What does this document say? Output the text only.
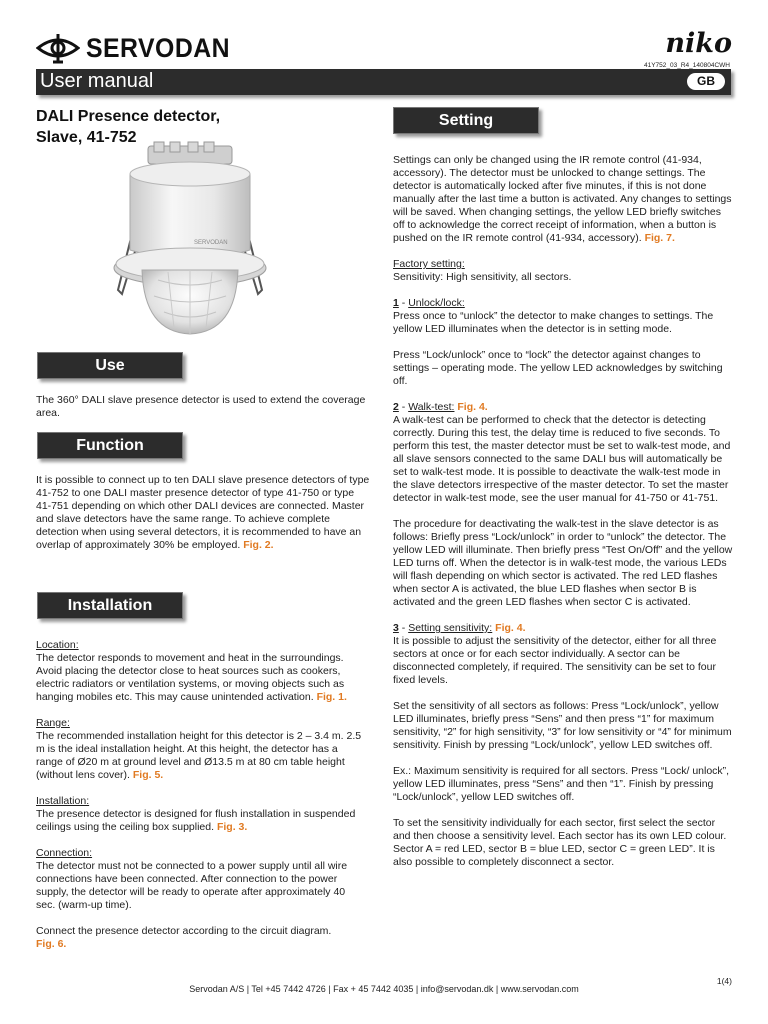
SERVODAN	niko
41Y752_03_R4_140804CWH
User manual	GB
DALI Presence detector,
Slave, 41-752
SERVODAN
Use

The 360° DALI slave presence detector is used to extend the coverage area.

Function

It is possible to connect up to ten DALI slave presence detectors of type 41-752 to one DALI master presence detector of type 41-750 or type 41-751 depending on which other DALI devices are connected. Master and slave detectors have the same range. To achieve complete detection when using several detectors, it is recommended to have an overlap of approximately 30% be employed. Fig. 2.

Installation

Location:

The detector responds to movement and heat in the surroundings. Avoid placing the detector close to heat sources such as cookers, electric radiators or ventilation systems, or moving objects such as hanging mobiles etc. This may cause unintended activation. Fig. 1.

Range:

The recommended installation height for this detector is 2 – 3.4 m. 2.5 m is the ideal installation height. At this height, the detector has a range of Ø20 m at ground level and Ø13.5 m at 80 cm table height (without lens cover). Fig. 5.

Installation:

The presence detector is designed for flush installation in suspended ceilings using the ceiling box supplied. Fig. 3.

Connection:

The detector must not be connected to a power supply until all wire connections have been connected. After connection to the power supply, the detector will be ready to operate after approximately 40 sec. (warm-up time).

Connect the presence detector according to the circuit diagram.

Fig. 6.

Setting

Settings can only be changed using the IR remote control (41-934, accessory). The detector must be unlocked to change settings. The detector is automatically locked after five minutes, if this is not done manually after the last time a button is activated. Any changes to settings will be saved. When changing settings, the yellow LED briefly switches off to acknowledge the correct receipt of information, when a button is pushed on the IR remote control (41-934, accessory). Fig. 7.

Factory setting:

Sensitivity: High sensitivity, all sectors.

1 - Unlock/lock:

Press once to “unlock” the detector to make changes to settings. The yellow LED illuminates when the detector is in setting mode.

Press “Lock/unlock” once to “lock” the detector against changes to settings – operating mode. The yellow LED acknowledges by switching off.

2 - Walk-test: Fig. 4.

A walk-test can be performed to check that the detector is detecting correctly. During this test, the delay time is reduced to five seconds. To perform this test, the master detector must be set to walk-test mode, and all slave sensors connected to the same DALI bus will automatically be set to walk-test mode. It is possible to deactivate the walk-test mode in the slave detectors irrespective of the master detector. To set the master detector in walk-test mode, see the user manual for 41-750 or 41-751.

The procedure for deactivating the walk-test in the slave detector is as follows: Briefly press “Lock/unlock” in order to “unlock” the detector. The yellow LED will illuminate. Then briefly press “Test On/Off” and the yellow LED turns off. When the detector is in walk-test mode, the various LEDs will flash depending on which sector is activated. The red LED flashes when sector A is activated, the blue LED flashes when sector B is activated and the green LED flashes when sector C is activated.

3 - Setting sensitivity: Fig. 4.

It is possible to adjust the sensitivity of the detector, either for all three sectors at once or for each sector individually. A sector can be disconnected completely, if required. The sensitivity can be set to four fixed levels.

Set the sensitivity of all sectors as follows: Press “Lock/unlock”, yellow LED illuminates, briefly press “Sens” and then press “1” for maximum sensitivity, “2” for high sensitivity, “3” for low sensitivity or “4” for minimum sensitivity. Finish by pressing “Lock/unlock”, yellow LED switches off.

Ex.: Maximum sensitivity is required for all sectors. Press “Lock/ unlock”, yellow LED illuminates, press “Sens” and then “1”. Finish by pressing “Lock/unlock”, yellow LED switches off.

To set the sensitivity individually for each sector, first select the sector and then choose a sensitivity level. Each sector has its own LED colour. Sector A = red LED, sector B = blue LED, sector C = green LED”. It is also possible to completely disconnect a sector.

1(4)
Servodan A/S | Tel +45 7442 4726 | Fax + 45 7442 4035 | info@servodan.dk | www.servodan.com
